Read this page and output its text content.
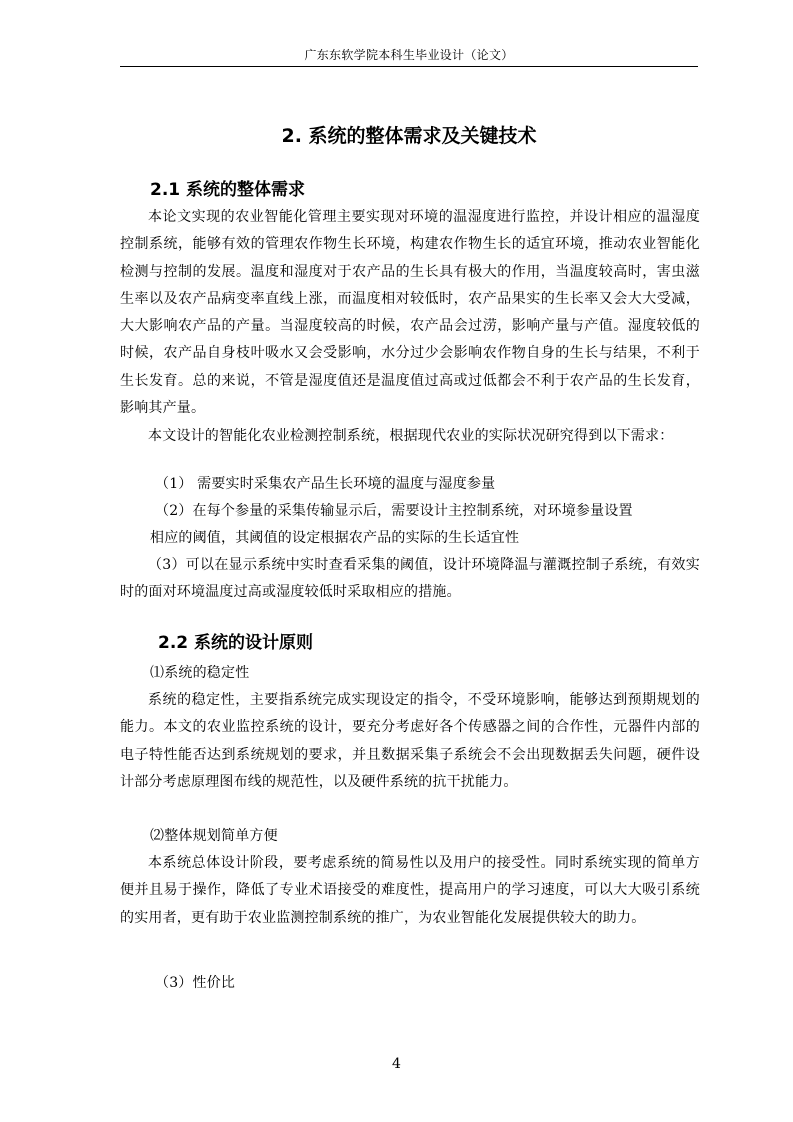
广东东软学院本科生毕业设计（论文）
2. 系统的整体需求及关键技术
2.1 系统的整体需求

本论文实现的农业智能化管理主要实现对环境的温湿度进行监控，并设计相应的温湿度控制系统，能够有效的管理农作物生长环境，构建农作物生长的适宜环境，推动农业智能化检测与控制的发展。温度和湿度对于农产品的生长具有极大的作用，当温度较高时，害虫滋生率以及农产品病变率直线上涨，而温度相对较低时，农产品果实的生长率又会大大受减，大大影响农产品的产量。当湿度较高的时候，农产品会过涝，影响产量与产值。湿度较低的时候，农产品自身枝叶吸水又会受影响，水分过少会影响农作物自身的生长与结果，不利于生长发育。总的来说，不管是湿度值还是温度值过高或过低都会不利于农产品的生长发育，影响其产量。

本文设计的智能化农业检测控制系统，根据现代农业的实际状况研究得到以下需求：

（1） 需要实时采集农产品生长环境的温度与湿度参量
（2）在每个参量的采集传输显示后，需要设计主控制系统，对环境参量设置
相应的阈值，其阈值的设定根据农产品的实际的生长适宜性

（3）可以在显示系统中实时查看采集的阈值，设计环境降温与灌溉控制子系统，有效实时的面对环境温度过高或湿度较低时采取相应的措施。

2.2 系统的设计原则
⑴系统的稳定性

系统的稳定性，主要指系统完成实现设定的指令，不受环境影响，能够达到预期规划的能力。本文的农业监控系统的设计，要充分考虑好各个传感器之间的合作性，元器件内部的电子特性能否达到系统规划的要求，并且数据采集子系统会不会出现数据丢失问题，硬件设计部分考虑原理图布线的规范性，以及硬件系统的抗干扰能力。

⑵整体规划简单方便

本系统总体设计阶段，要考虑系统的简易性以及用户的接受性。同时系统实现的简单方便并且易于操作，降低了专业术语接受的难度性，提高用户的学习速度，可以大大吸引系统的实用者，更有助于农业监测控制系统的推广，为农业智能化发展提供较大的助力。

（3）性价比
4
